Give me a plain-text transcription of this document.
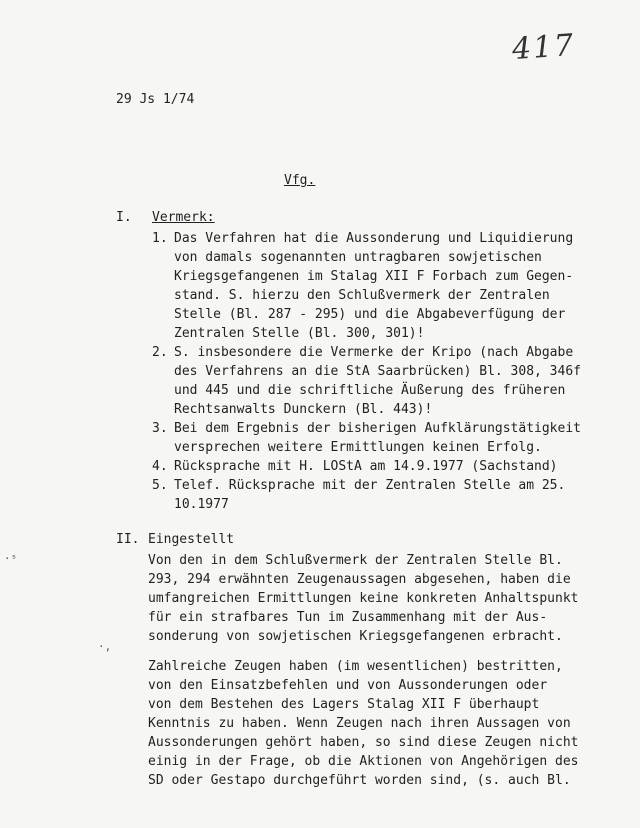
417
29 Js 1/74
Vfg.
I. Vermerk:
1. Das Verfahren hat die Aussonderung und Liquidierung
von damals sogenannten untragbaren sowjetischen
Kriegsgefangenen im Stalag XII F Forbach zum Gegen-
stand. S. hierzu den Schlußvermerk der Zentralen
Stelle (Bl. 287 - 295) und die Abgabeverfügung der
Zentralen Stelle (Bl. 300, 301)!
2. S. insbesondere die Vermerke der Kripo (nach Abgabe
des Verfahrens an die StA Saarbrücken) Bl. 308, 346f
und 445 und die schriftliche Äußerung des früheren
Rechtsanwalts Dunckern (Bl. 443)!
3. Bei dem Ergebnis der bisherigen Aufklärungstätigkeit
versprechen weitere Ermittlungen keinen Erfolg.
4. Rücksprache mit H. LOStA am 14.9.1977 (Sachstand)
5. Telef. Rücksprache mit der Zentralen Stelle am 25.
10.1977
II. Eingestellt
Von den in dem Schlußvermerk der Zentralen Stelle Bl.
293, 294 erwähnten Zeugenaussagen abgesehen, haben die
umfangreichen Ermittlungen keine konkreten Anhaltspunkt
für ein strafbares Tun im Zusammenhang mit der Aus-
sonderung von sowjetischen Kriegsgefangenen erbracht.
Zahlreiche Zeugen haben (im wesentlichen) bestritten,
von den Einsatzbefehlen und von Aussonderungen oder
von dem Bestehen des Lagers Stalag XII F überhaupt
Kenntnis zu haben. Wenn Zeugen nach ihren Aussagen von
Aussonderungen gehört haben, so sind diese Zeugen nicht
einig in der Frage, ob die Aktionen von Angehörigen des
SD oder Gestapo durchgeführt worden sind, (s. auch Bl.
·ˢ
·,
